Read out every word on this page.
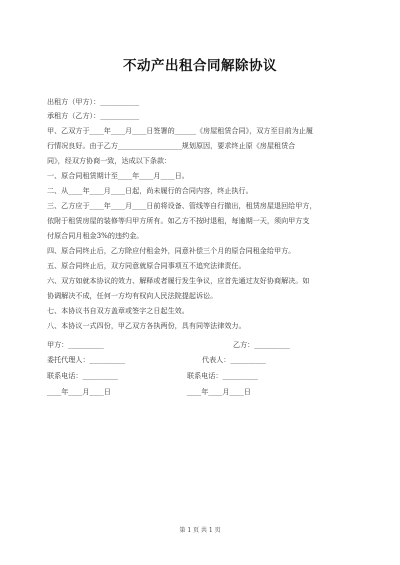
不动产出租合同解除协议
出租方（甲方）：___________
承租方（乙方）：___________
甲、乙双方于____年____月____日签署的______《房屋租赁合同》，双方至目前为止履
行情况良好。由于乙方__________________规划原因，要求终止原《房屋租赁合
同》，经双方协商一致，达成以下条款：
一、原合同租赁期计至____年____月____日。
二、从____年____月____日起，尚未履行的合同内容，终止执行。
三、乙方应于____年____月____日前将设备、管线等自行撤出，租赁房屋退回给甲方，
依附于租赁房屋的装修等归甲方所有。如乙方不按时退租，每逾期一天，须向甲方支
付原合同月租金3%的违约金。
四、原合同终止后，乙方除应付租金外，同意补偿三个月的原合同租金给甲方。
五、原合同终止后，双方同意就原合同事项互不追究法律责任。
六、双方如就本协议的效力、解释或者履行发生争议，应首先通过友好协商解决。如
协调解决不成，任何一方均有权向人民法院提起诉讼。
七、本协议书自双方盖章或签字之日起生效。
八、本协议一式四份，甲乙双方各执两份，具有同等法律效力。
甲方：__________	乙方：__________
委托代理人：__________	代表人：__________
联系电话：__________	联系电话：__________
____年____月____日	____年____月____日
第 1 页 共 1 页
